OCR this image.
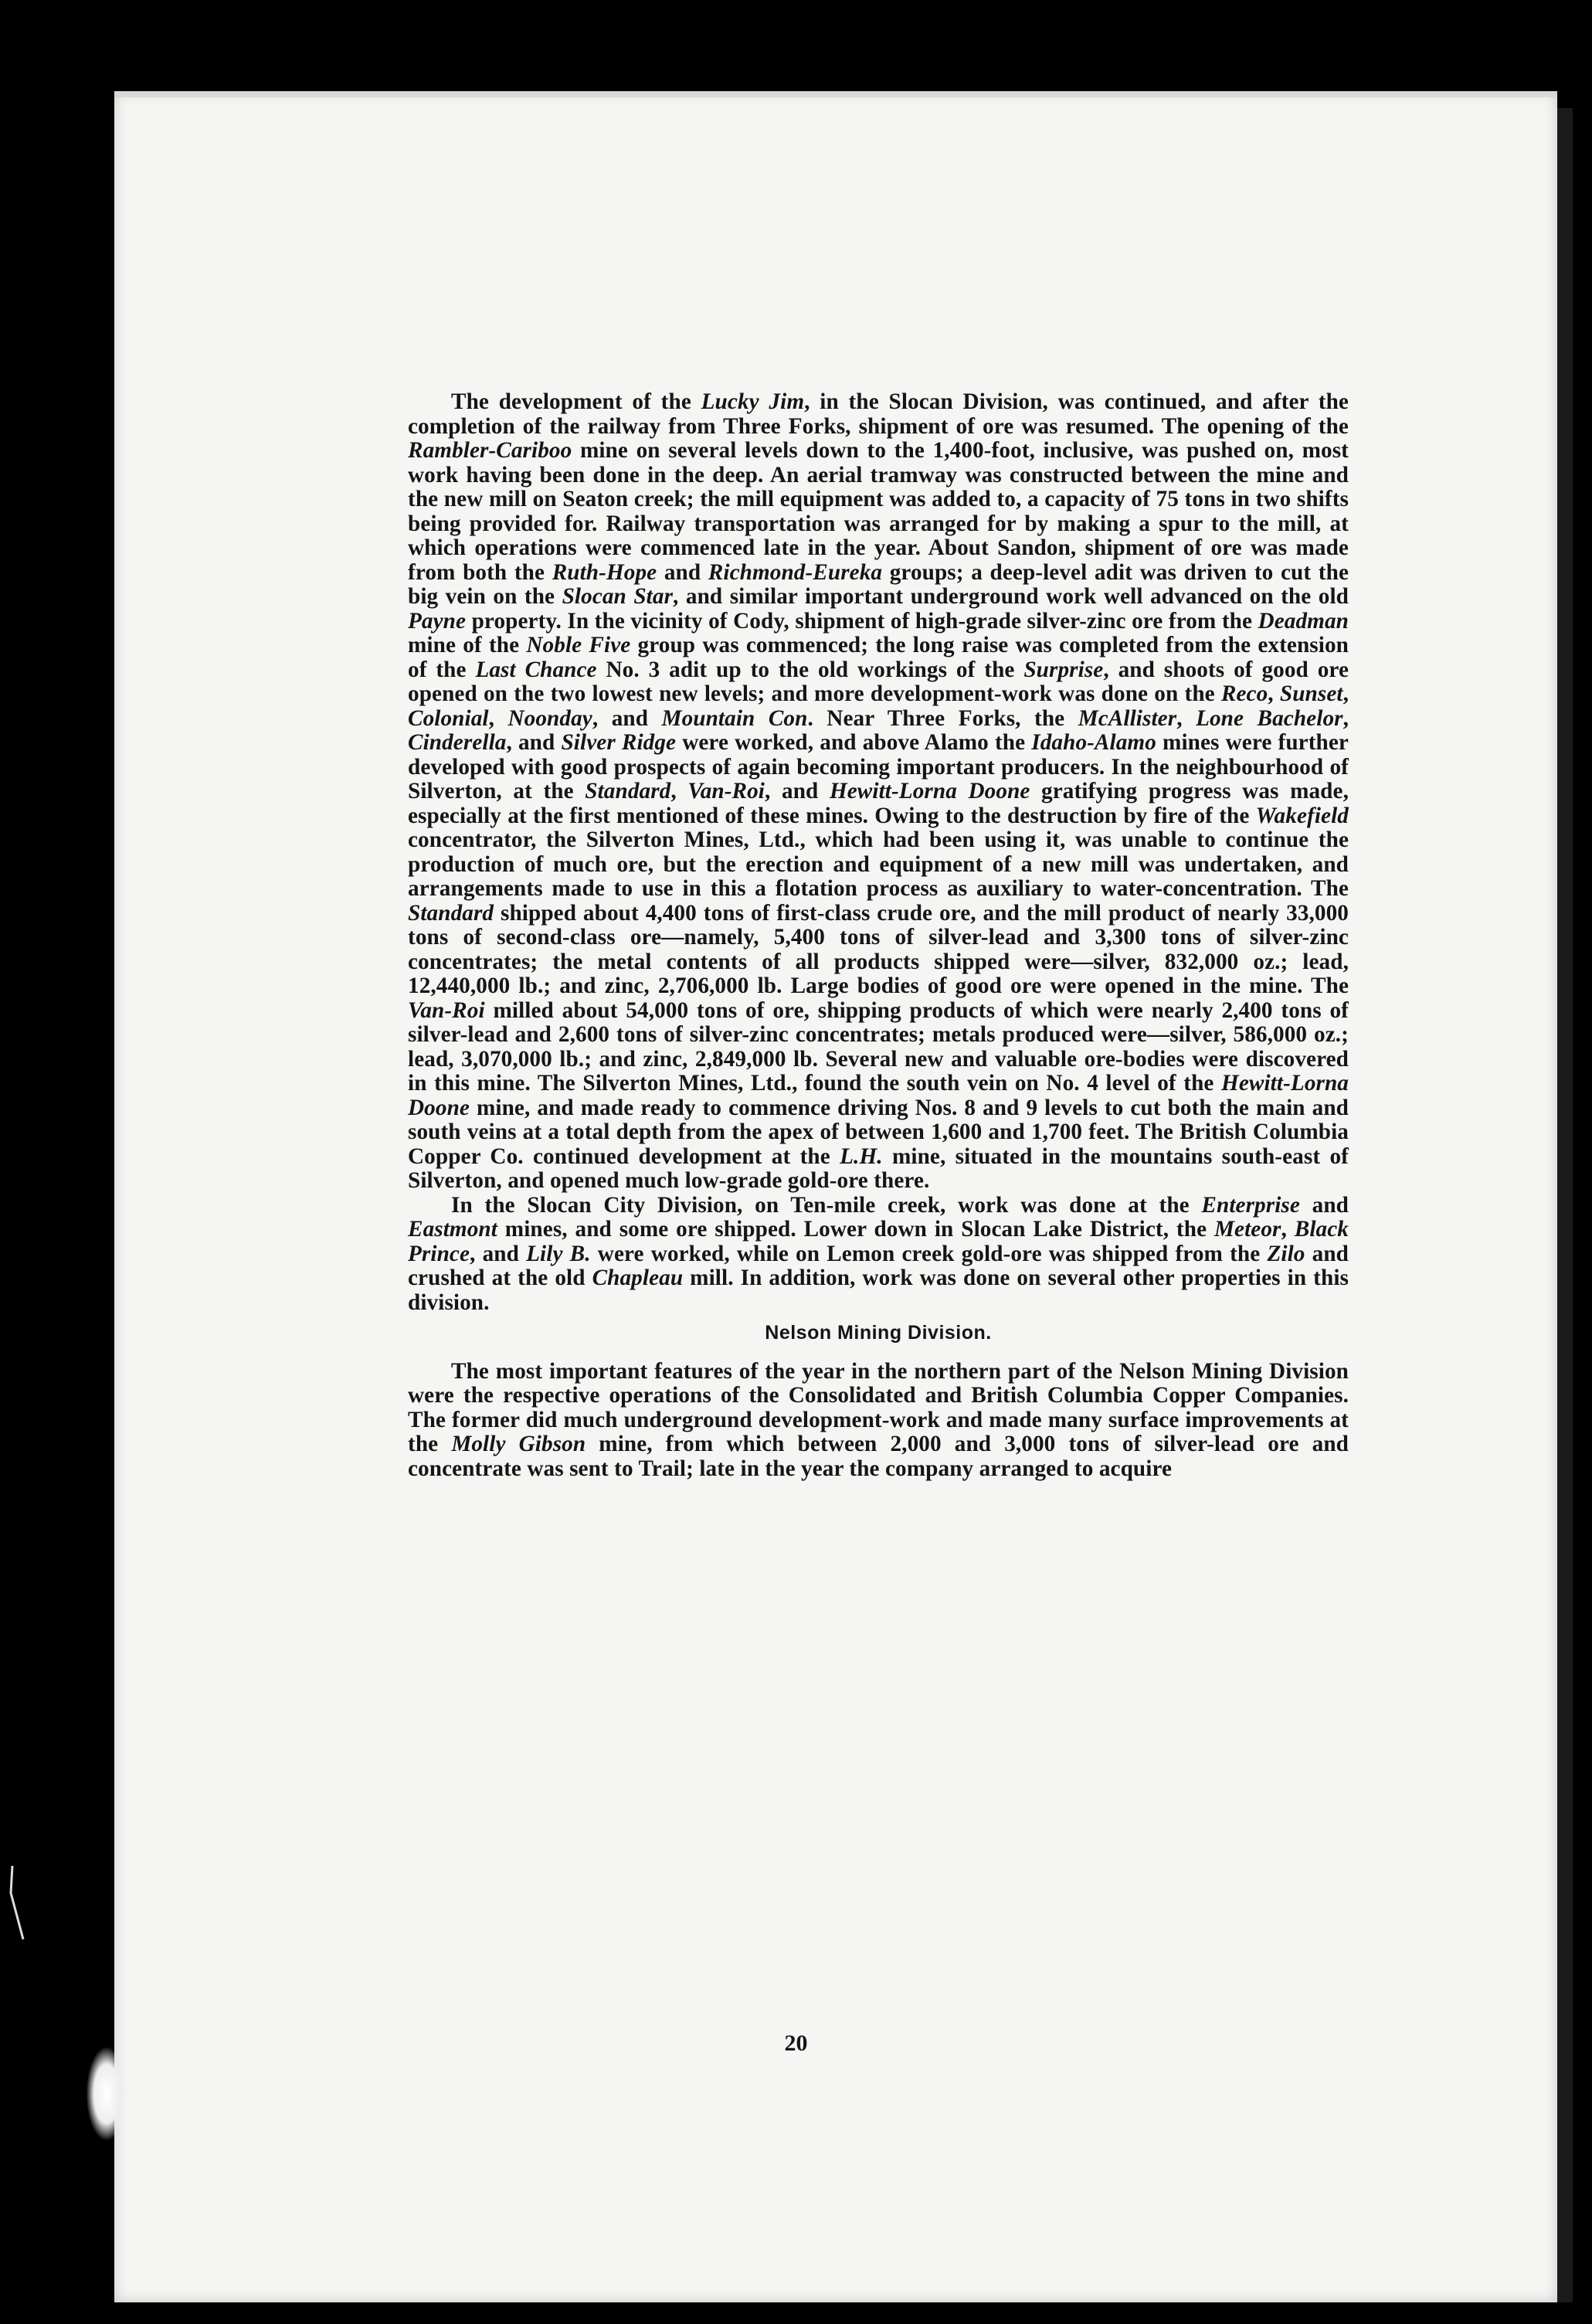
The development of the Lucky Jim, in the Slocan Division, was continued, and after the completion of the railway from Three Forks, shipment of ore was resumed. The opening of the Rambler-Cariboo mine on several levels down to the 1,400-foot, inclusive, was pushed on, most work having been done in the deep. An aerial tramway was constructed between the mine and the new mill on Seaton creek; the mill equipment was added to, a capacity of 75 tons in two shifts being provided for. Railway transportation was arranged for by making a spur to the mill, at which operations were commenced late in the year. About Sandon, shipment of ore was made from both the Ruth-Hope and Richmond-Eureka groups; a deep-level adit was driven to cut the big vein on the Slocan Star, and similar important underground work well advanced on the old Payne property. In the vicinity of Cody, shipment of high-grade silver-zinc ore from the Deadman mine of the Noble Five group was commenced; the long raise was completed from the extension of the Last Chance No. 3 adit up to the old workings of the Surprise, and shoots of good ore opened on the two lowest new levels; and more development-work was done on the Reco, Sunset, Colonial, Noonday, and Mountain Con. Near Three Forks, the McAllister, Lone Bachelor, Cinderella, and Silver Ridge were worked, and above Alamo the Idaho-Alamo mines were further developed with good prospects of again becoming important producers. In the neighbourhood of Silverton, at the Standard, Van-Roi, and Hewitt-Lorna Doone gratifying progress was made, especially at the first mentioned of these mines. Owing to the destruction by fire of the Wakefield concentrator, the Silverton Mines, Ltd., which had been using it, was unable to continue the production of much ore, but the erection and equipment of a new mill was undertaken, and arrangements made to use in this a flotation process as auxiliary to water-concentration. The Standard shipped about 4,400 tons of first-class crude ore, and the mill product of nearly 33,000 tons of second-class ore—namely, 5,400 tons of silver-lead and 3,300 tons of silver-zinc concentrates; the metal contents of all products shipped were—silver, 832,000 oz.; lead, 12,440,000 lb.; and zinc, 2,706,000 lb. Large bodies of good ore were opened in the mine. The Van-Roi milled about 54,000 tons of ore, shipping products of which were nearly 2,400 tons of silver-lead and 2,600 tons of silver-zinc concentrates; metals produced were—silver, 586,000 oz.; lead, 3,070,000 lb.; and zinc, 2,849,000 lb. Several new and valuable ore-bodies were discovered in this mine. The Silverton Mines, Ltd., found the south vein on No. 4 level of the Hewitt-Lorna Doone mine, and made ready to commence driving Nos. 8 and 9 levels to cut both the main and south veins at a total depth from the apex of between 1,600 and 1,700 feet. The British Columbia Copper Co. continued development at the L.H. mine, situated in the mountains south-east of Silverton, and opened much low-grade gold-ore there.

In the Slocan City Division, on Ten-mile creek, work was done at the Enterprise and Eastmont mines, and some ore shipped. Lower down in Slocan Lake District, the Meteor, Black Prince, and Lily B. were worked, while on Lemon creek gold-ore was shipped from the Zilo and crushed at the old Chapleau mill. In addition, work was done on several other properties in this division.

Nelson Mining Division.

The most important features of the year in the northern part of the Nelson Mining Division were the respective operations of the Consolidated and British Columbia Copper Companies. The former did much underground development-work and made many surface improvements at the Molly Gibson mine, from which between 2,000 and 3,000 tons of silver-lead ore and concentrate was sent to Trail; late in the year the company arranged to acquire

20
